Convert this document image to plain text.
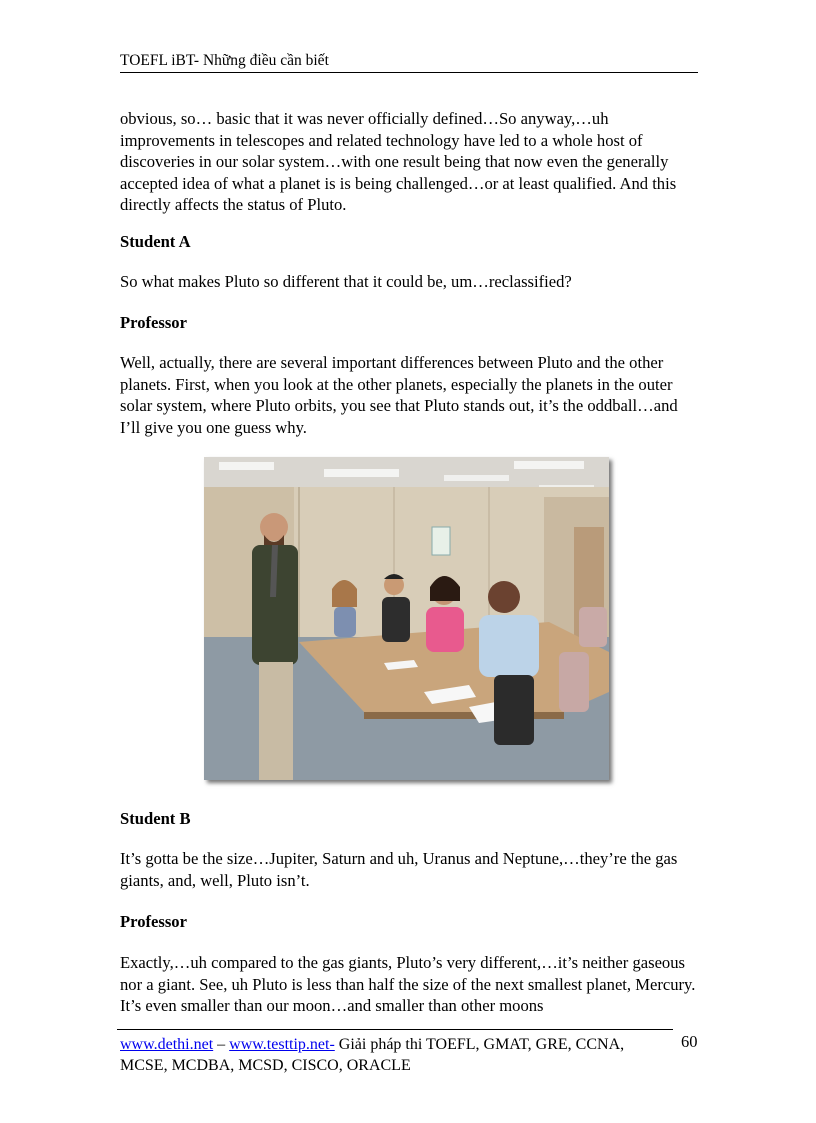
TOEFL iBT- Những điều cần biết

obvious, so… basic that it was never officially defined…So anyway,…uh improvements in telescopes and related technology have led to a whole host of discoveries in our solar system…with one result being that now even the generally accepted idea of what a planet is is being challenged…or at least qualified. And this directly affects the status of Pluto.

Student A

So what makes Pluto so different that it could be, um…reclassified?

Professor

Well, actually, there are several important differences between Pluto and the other planets. First, when you look at the other planets, especially the planets in the outer solar system, where Pluto orbits, you see that Pluto stands out, it’s the oddball…and I’ll give you one guess why.

Student B

It’s gotta be the size…Jupiter, Saturn and uh, Uranus and Neptune,…they’re the gas giants, and, well, Pluto isn’t.

Professor

Exactly,…uh compared to the gas giants, Pluto’s very different,…it’s neither gaseous nor a giant. See, uh Pluto is less than half the size of the next smallest planet, Mercury. It’s even smaller than our moon…and smaller than other moons

www.dethi.net – www.testtip.net- Giải pháp thi TOEFL, GMAT, GRE, CCNA, MCSE, MCDBA, MCSD, CISCO, ORACLE
60
